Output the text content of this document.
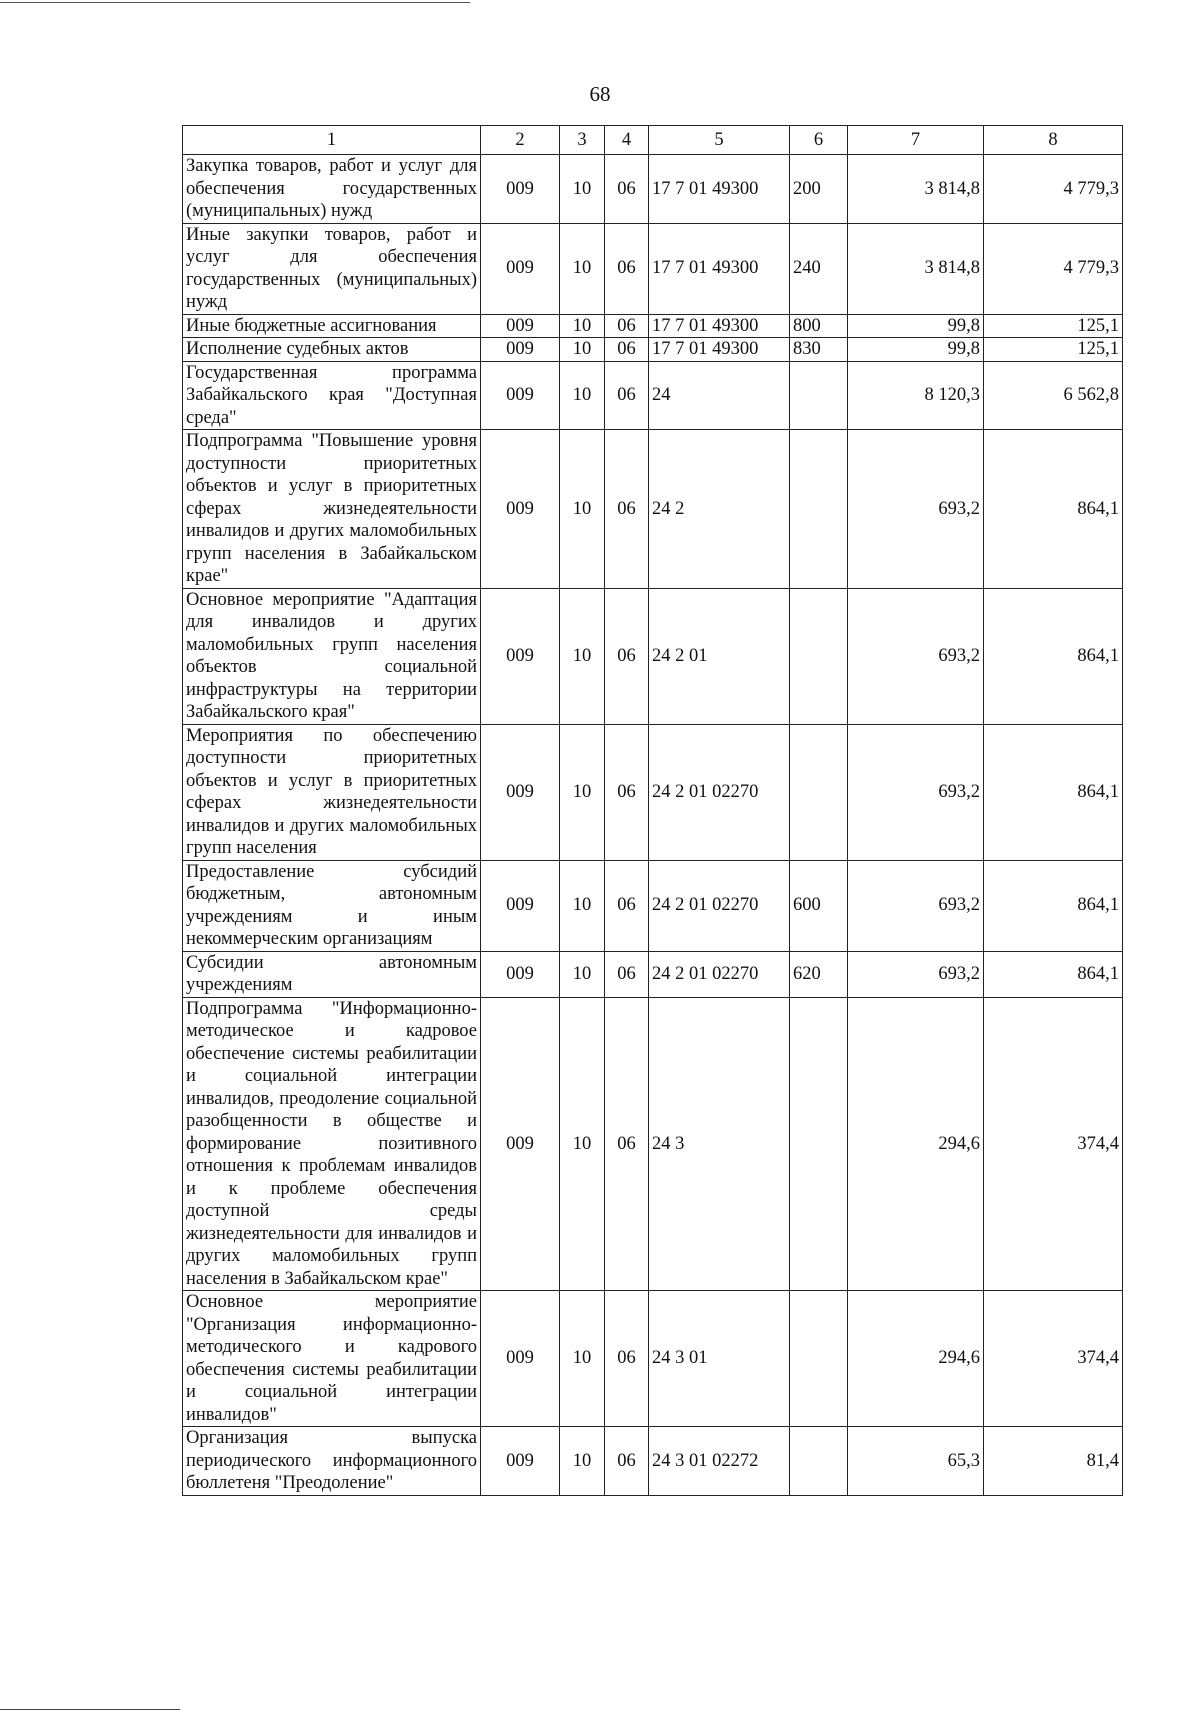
68
1	2	3	4	5	6	7	8
Закупка товаров, работ и услуг для обеспечения государственных (муниципальных) нужд	009	10	06	17 7 01 49300	200	3 814,8	4 779,3
Иные закупки товаров, работ и услуг для обеспечения государственных (муниципальных) нужд	009	10	06	17 7 01 49300	240	3 814,8	4 779,3
Иные бюджетные ассигнования	009	10	06	17 7 01 49300	800	99,8	125,1
Исполнение судебных актов	009	10	06	17 7 01 49300	830	99,8	125,1
Государственная программа Забайкальского края "Доступная среда"	009	10	06	24		8 120,3	6 562,8
Подпрограмма "Повышение уровня доступности приоритетных объектов и услуг в приоритетных сферах жизнедеятельности инвалидов и других маломобильных групп населения в Забайкальском крае"	009	10	06	24 2		693,2	864,1
Основное мероприятие "Адаптация для инвалидов и других маломобильных групп населения объектов социальной инфраструктуры на территории Забайкальского края"	009	10	06	24 2 01		693,2	864,1
Мероприятия по обеспечению доступности приоритетных объектов и услуг в приоритетных сферах жизнедеятельности инвалидов и других маломобильных групп населения	009	10	06	24 2 01 02270		693,2	864,1
Предоставление субсидий бюджетным, автономным учреждениям и иным некоммерческим организациям	009	10	06	24 2 01 02270	600	693,2	864,1
Субсидии автономным учреждениям	009	10	06	24 2 01 02270	620	693,2	864,1
Подпрограмма "Информационно-методическое и кадровое обеспечение системы реабилитации и социальной интеграции инвалидов, преодоление социальной разобщенности в обществе и формирование позитивного отношения к проблемам инвалидов и к проблеме обеспечения доступной среды жизнедеятельности для инвалидов и других маломобильных групп населения в Забайкальском крае"	009	10	06	24 3		294,6	374,4
Основное мероприятие "Организация информационно-методического и кадрового обеспечения системы реабилитации и социальной интеграции инвалидов"	009	10	06	24 3 01		294,6	374,4
Организация выпуска периодического информационного бюллетеня "Преодоление"	009	10	06	24 3 01 02272		65,3	81,4
